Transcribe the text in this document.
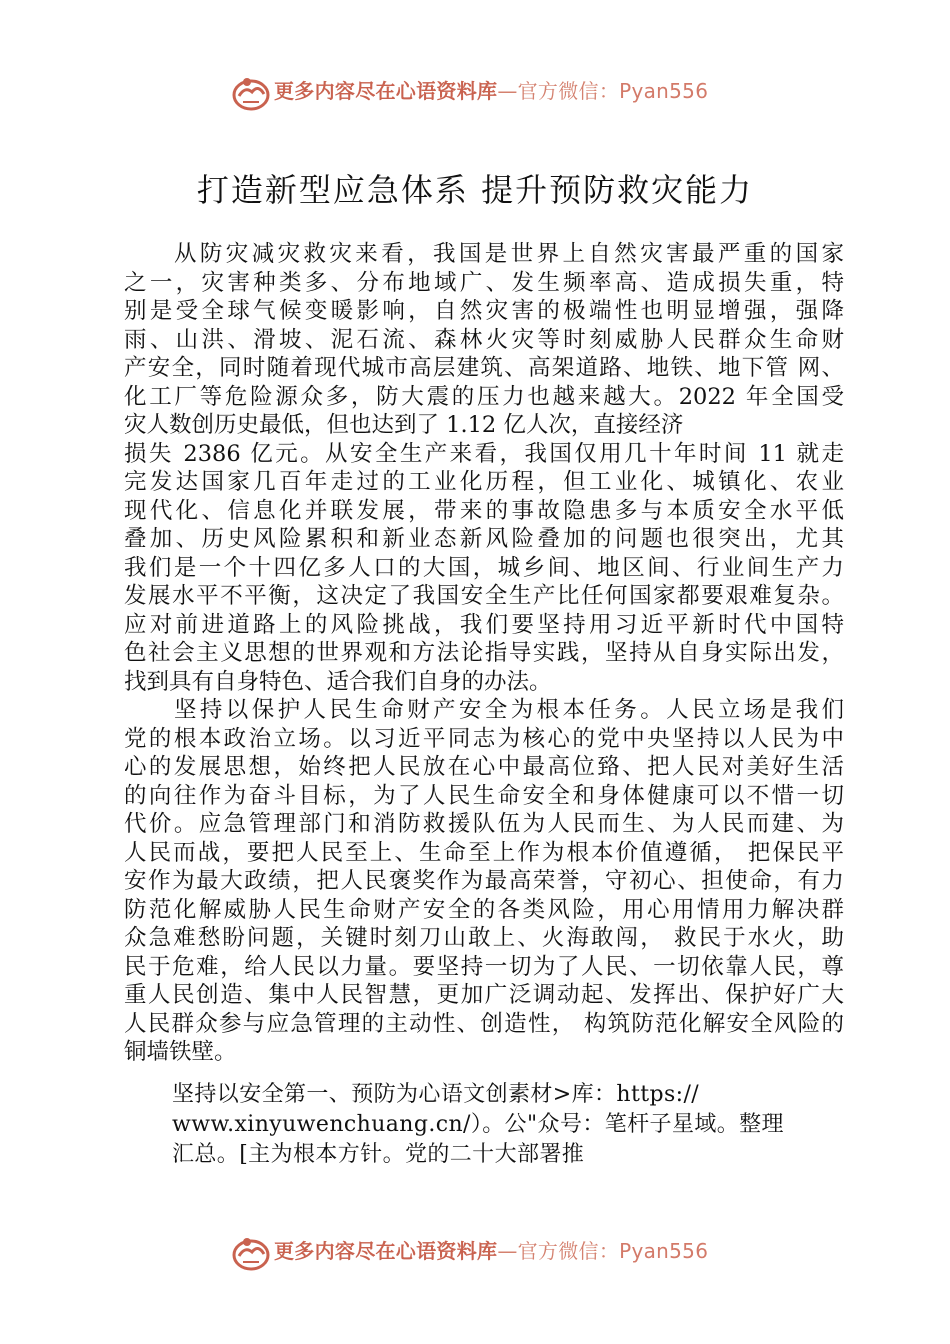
更多内容尽在心语资料库—官方微信：Pyan556
打造新型应急体系 提升预防救灾能力
从防灾减灾救灾来看，我国是世界上自然灾害最严重的国家
之一，灾害种类多、分布地域广、发生频率高、造成损失重，特
别是受全球气候变暖影响，自然灾害的极端性也明显增强，强降
雨、山洪、滑坡、泥石流、森林火灾等时刻威胁人民群众生命财
产安全，同时随着现代城市高层建筑、高架道路、地铁、地下管 网、
化工厂等危险源众多，防大震的压力也越来越大。2022 年全国受
灾人数创历史最低，但也达到了 1.12 亿人次，直接经济
损失 2386 亿元。从安全生产来看，我国仅用几十年时间 11 就走
完发达国家几百年走过的工业化历程，但工业化、城镇化、农业
现代化、信息化并联发展，带来的事故隐患多与本质安全水平低
叠加、历史风险累积和新业态新风险叠加的问题也很突出，尤其
我们是一个十四亿多人口的大国，城乡间、地区间、行业间生产力
发展水平不平衡，这决定了我国安全生产比任何国家都要艰难复杂。
应对前进道路上的风险挑战，我们要坚持用习近平新时代中国特
色社会主义思想的世界观和方法论指导实践，坚持从自身实际出发，
找到具有自身特色、适合我们自身的办法。
坚持以保护人民生命财产安全为根本任务。人民立场是我们
党的根本政治立场。以习近平同志为核心的党中央坚持以人民为中
心的发展思想，始终把人民放在心中最高位臵、把人民对美好生活
的向往作为奋斗目标，为了人民生命安全和身体健康可以不惜一切
代价。应急管理部门和消防救援队伍为人民而生、为人民而建、为
人民而战，要把人民至上、生命至上作为根本价值遵循， 把保民平
安作为最大政绩，把人民褒奖作为最高荣誉，守初心、担使命，有力
防范化解威胁人民生命财产安全的各类风险，用心用情用力解决群
众急难愁盼问题，关键时刻刀山敢上、火海敢闯， 救民于水火，助
民于危难，给人民以力量。要坚持一切为了人民、一切依靠人民，尊
重人民创造、集中人民智慧，更加广泛调动起、发挥出、保护好广大
人民群众参与应急管理的主动性、创造性， 构筑防范化解安全风险的
铜墙铁壁。
坚持以安全第一、预防为心语文创素材>库：https://
www.xinyuwenchuang.cn/）。公"众号：笔杆子星域。整理
汇总。[主为根本方针。党的二十大部署推
更多内容尽在心语资料库—官方微信：Pyan556
